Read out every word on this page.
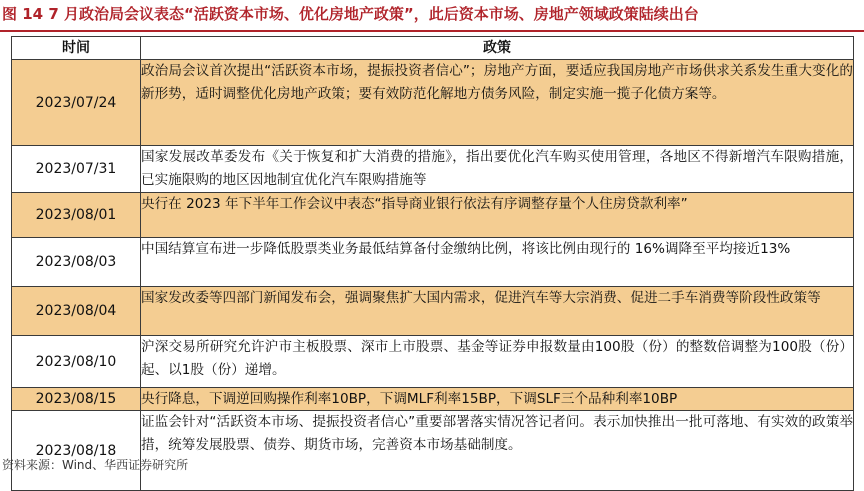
图 14 7 月政治局会议表态“活跃资本市场、优化房地产政策”，此后资本市场、房地产领域政策陆续出台
时间	政策
2023/07/24	政治局会议首次提出“活跃资本市场，提振投资者信心”；房地产方面，要适应我国房地产市场供求关系发生重大变化的新形势，适时调整优化房地产政策；要有效防范化解地方债务风险，制定实施一揽子化债方案等。
2023/07/31	国家发展改革委发布《关于恢复和扩大消费的措施》，指出要优化汽车购买使用管理，各地区不得新增汽车限购措施，已实施限购的地区因地制宜优化汽车限购措施等
2023/08/01	央行在 2023 年下半年工作会议中表态“指导商业银行依法有序调整存量个人住房贷款利率”
2023/08/03	中国结算宣布进一步降低股票类业务最低结算备付金缴纳比例，将该比例由现行的 16%调降至平均接近13%
2023/08/04	国家发改委等四部门新闻发布会，强调聚焦扩大国内需求，促进汽车等大宗消费、促进二手车消费等阶段性政策等
2023/08/10	沪深交易所研究允许沪市主板股票、深市上市股票、基金等证券申报数量由100股（份）的整数倍调整为100股（份）起、以1股（份）递增。
2023/08/15	央行降息，下调逆回购操作利率10BP，下调MLF利率15BP，下调SLF三个品种利率10BP
2023/08/18	证监会针对“活跃资本市场、提振投资者信心”重要部署落实情况答记者问。表示加快推出一批可落地、有实效的政策举措，统筹发展股票、债券、期货市场，完善资本市场基础制度。
资料来源：Wind、华西证券研究所
